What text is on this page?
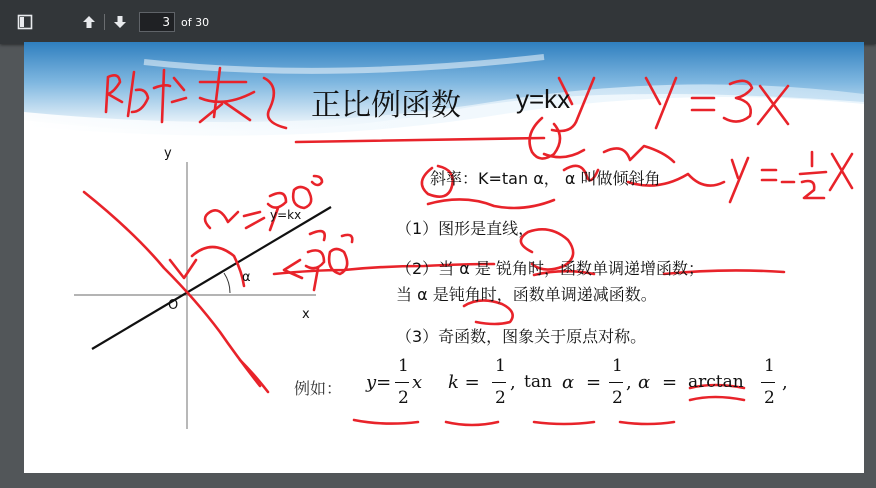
3
of 30
正比例函数 y=kx
y
x
O
y=kx
α
斜率：K=tan α， α 叫做倾斜角
（1）图形是直线，
（2）当 α 是 锐角时，函数单调递增函数；
当 α 是钝角时，函数单调递减函数。
（3）奇函数，图象关于原点对称。
例如： y=
1
2
x k =
1
2
, tan α =
1
2
, α = arctan
1
2
,
